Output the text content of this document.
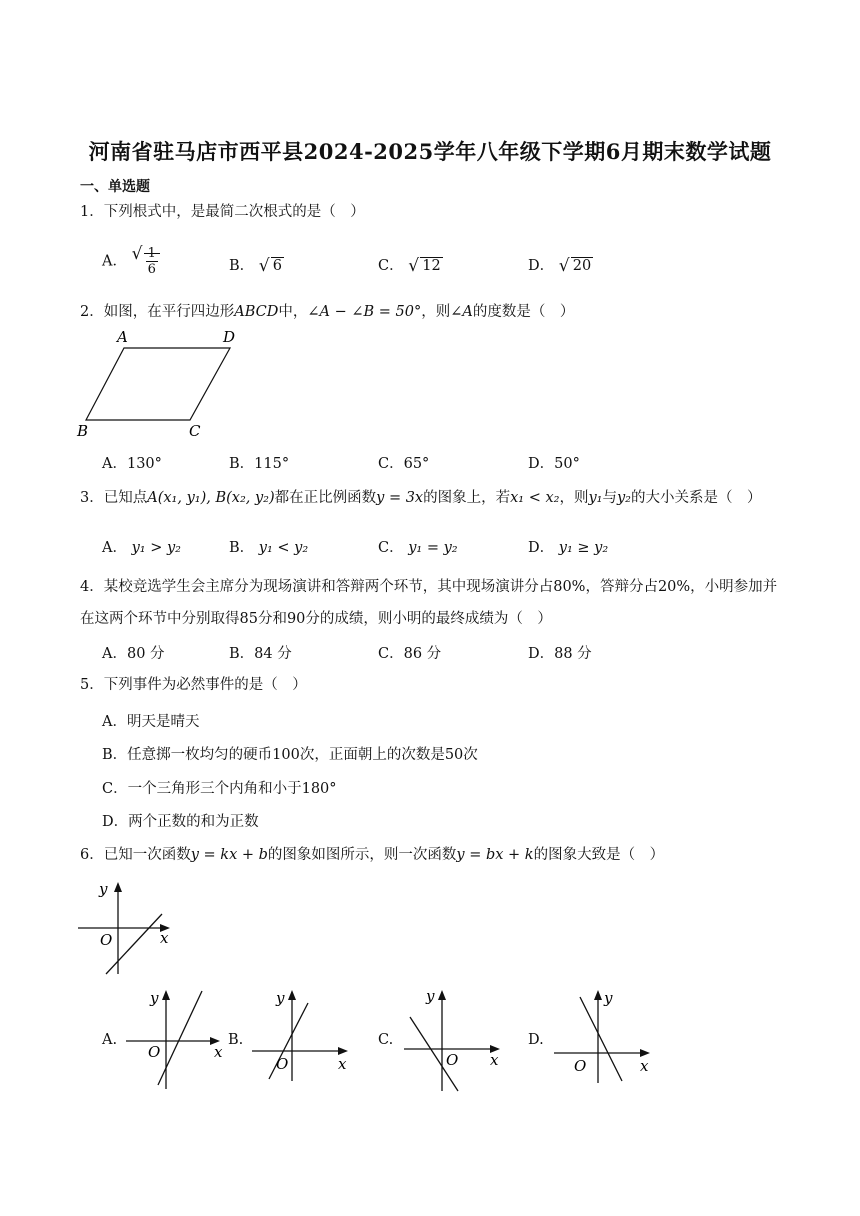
河南省驻马店市西平县2024-2025学年八年级下学期6月期末数学试题
一、单选题
1．下列根式中，是最简二次根式的是（　）
A． √ $\frac{1}{6}$	B． √ 6	C． √ 12	D． √ 20
2．如图，在平行四边形ABCD中，∠A − ∠B = 50°，则∠A的度数是（　）
A	D
B	C
A．130°	B．115°	C．65°	D．50°
3．已知点A(x₁, y₁), B(x₂, y₂)都在正比例函数y = 3x的图象上，若x₁ < x₂，则y₁与y₂的大小关系是（　）
A． y₁ > y₂	B． y₁ < y₂	C． y₁ = y₂	D． y₁ ≥ y₂
4．某校竞选学生会主席分为现场演讲和答辩两个环节，其中现场演讲分占80%，答辩分占20%，小明参加并在这两个环节中分别取得85分和90分的成绩，则小明的最终成绩为（　）
A．80 分	B．84 分	C．86 分	D．88 分
5．下列事件为必然事件的是（　）
A．明天是晴天
B．任意掷一枚均匀的硬币100次，正面朝上的次数是50次
C．一个三角形三个内角和小于180°
D．两个正数的和为正数
6．已知一次函数y = kx + b的图象如图所示，则一次函数y = bx + k的图象大致是（　）
y
x
O
A.
y
x
O
B.
y
x
O
C.
y
x
O
D.
y
x
O
